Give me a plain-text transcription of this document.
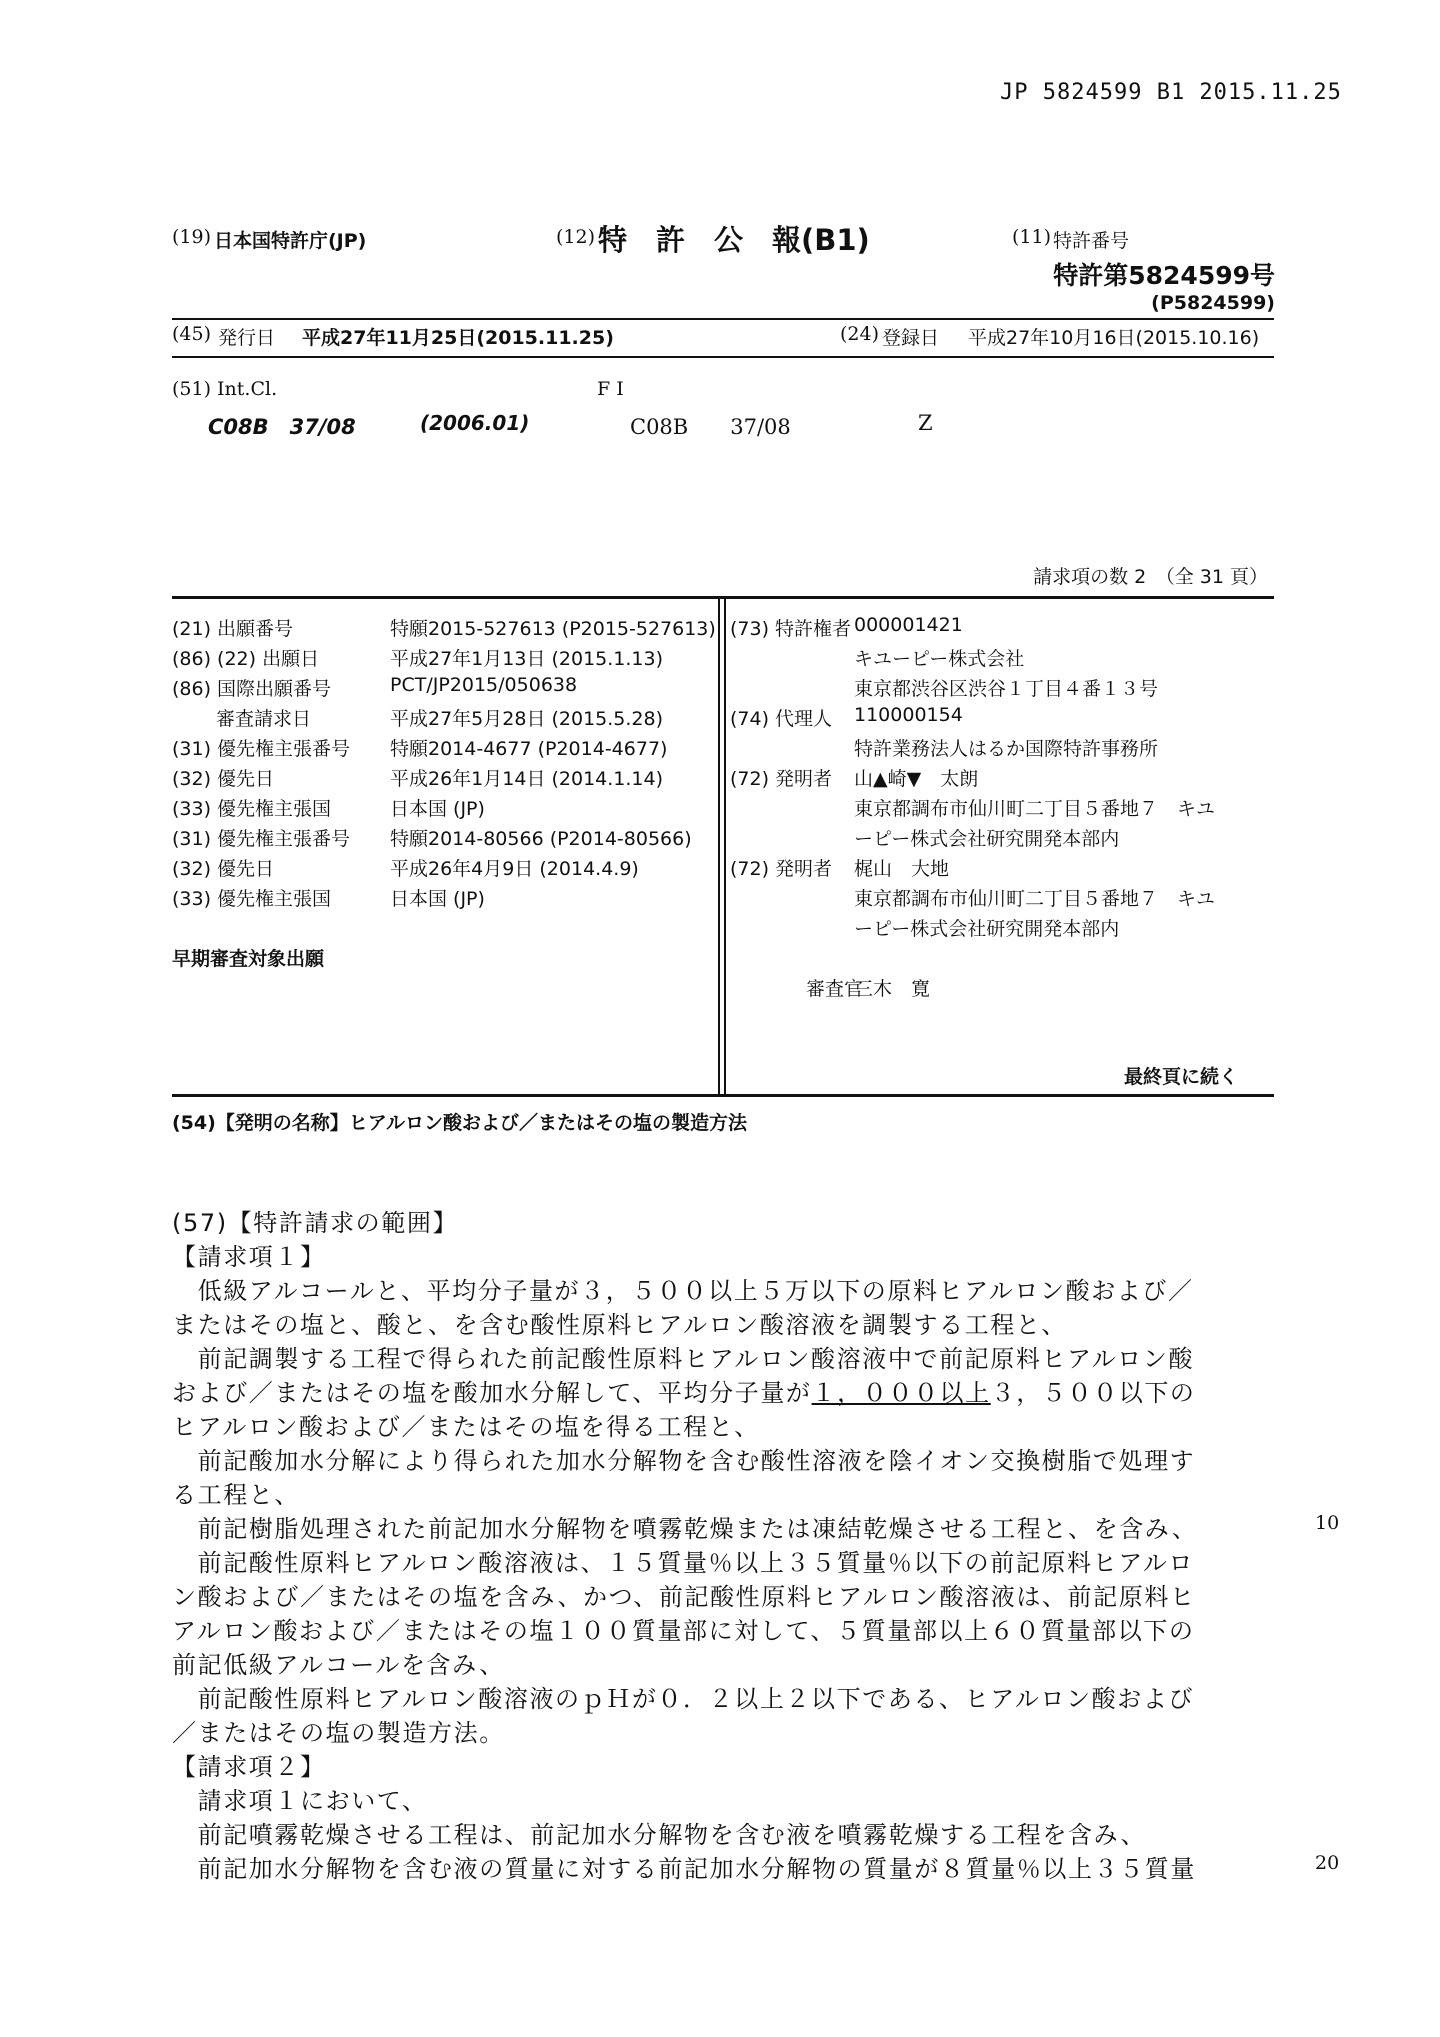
JP 5824599 B1 2015.11.25
(19) 日本国特許庁(JP)	(12) 特　許　公　報(B1)	(11) 特許番号
特許第5824599号
(P5824599)
(45) 発行日 平成27年11月25日(2015.11.25)	(24) 登録日 平成27年10月16日(2015.10.16)
(51) Int.Cl.	F I
C08B　37/08	(2006.01)	C08B　　37/08	Z
請求項の数 2　（全 31 頁）
(21) 出願番号	特願2015-527613 (P2015-527613)
(86) (22) 出願日	平成27年1月13日 (2015.1.13)
(86) 国際出願番号	PCT/JP2015/050638
　　 審査請求日	平成27年5月28日 (2015.5.28)
(31) 優先権主張番号 特願2014-4677 (P2014-4677)
(32) 優先日	平成26年1月14日 (2014.1.14)
(33) 優先権主張国	日本国 (JP)
(31) 優先権主張番号 特願2014-80566 (P2014-80566)
(32) 優先日	平成26年4月9日 (2014.4.9)
(33) 優先権主張国	日本国 (JP)
早期審査対象出願
(73) 特許権者 000001421
キユーピー株式会社
東京都渋谷区渋谷１丁目４番１３号
(74) 代理人 110000154
特許業務法人はるか国際特許事務所
(72) 発明者 山▲崎▼　太朗
東京都調布市仙川町二丁目５番地７　キユ
ーピー株式会社研究開発本部内
(72) 発明者 梶山　大地
東京都調布市仙川町二丁目５番地７　キユ
ーピー株式会社研究開発本部内
　　　　審査官
三木　寛
最終頁に続く
(54)【発明の名称】ヒアルロン酸および／またはその塩の製造方法
(57)【特許請求の範囲】
【請求項１】
　低級アルコールと、平均分子量が３，５００以上５万以下の原料ヒアルロン酸および／
またはその塩と、酸と、を含む酸性原料ヒアルロン酸溶液を調製する工程と、
　前記調製する工程で得られた前記酸性原料ヒアルロン酸溶液中で前記原料ヒアルロン酸
および／またはその塩を酸加水分解して、平均分子量が１，０００以上３，５００以下の
ヒアルロン酸および／またはその塩を得る工程と、
　前記酸加水分解により得られた加水分解物を含む酸性溶液を陰イオン交換樹脂で処理す
る工程と、
　前記樹脂処理された前記加水分解物を噴霧乾燥または凍結乾燥させる工程と、を含み、
　前記酸性原料ヒアルロン酸溶液は、１５質量％以上３５質量％以下の前記原料ヒアルロ
ン酸および／またはその塩を含み、かつ、前記酸性原料ヒアルロン酸溶液は、前記原料ヒ
アルロン酸および／またはその塩１００質量部に対して、５質量部以上６０質量部以下の
前記低級アルコールを含み、
　前記酸性原料ヒアルロン酸溶液のｐＨが０．２以上２以下である、ヒアルロン酸および
／またはその塩の製造方法。
【請求項２】
　請求項１において、
　前記噴霧乾燥させる工程は、前記加水分解物を含む液を噴霧乾燥する工程を含み、
　前記加水分解物を含む液の質量に対する前記加水分解物の質量が８質量％以上３５質量
10
20
